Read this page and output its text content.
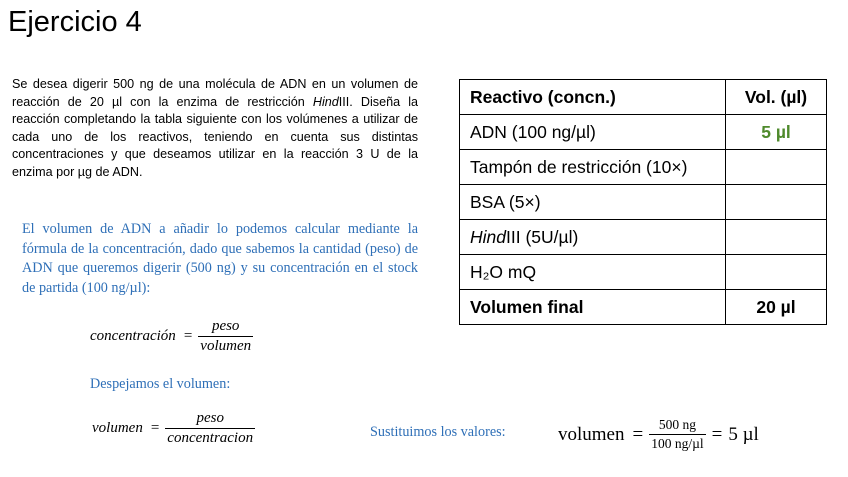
Ejercicio 4
Se desea digerir 500 ng de una molécula de ADN en un volumen de reacción de 20 µl con la enzima de restricción HindIII. Diseña la reacción completando la tabla siguiente con los volúmenes a utilizar de cada uno de los reactivos, teniendo en cuenta sus distintas concentraciones y que deseamos utilizar en la reacción 3 U de la enzima por µg de ADN.
El volumen de ADN a añadir lo podemos calcular mediante la fórmula de la concentración, dado que sabemos la cantidad (peso) de ADN que queremos digerir (500 ng) y su concentración en el stock de partida (100 ng/µl):
concentración = $\frac{\text{peso}}{\text{volumen}}$
Despejamos el volumen:
volumen = $\frac{\text{peso}}{\text{concentracion}}$	Sustituimos los valores:	volumen = $\frac{500 ng}{\text{100 ng/µl}} = 5$ µl
Reactivo (concn.)	Vol. (µl)
ADN (100 ng/µl)	5 µl
Tampón de restricción (10×)	
BSA (5×)	
HindIII (5U/µl)	
H₂O mQ	
Volumen final	20 µl
